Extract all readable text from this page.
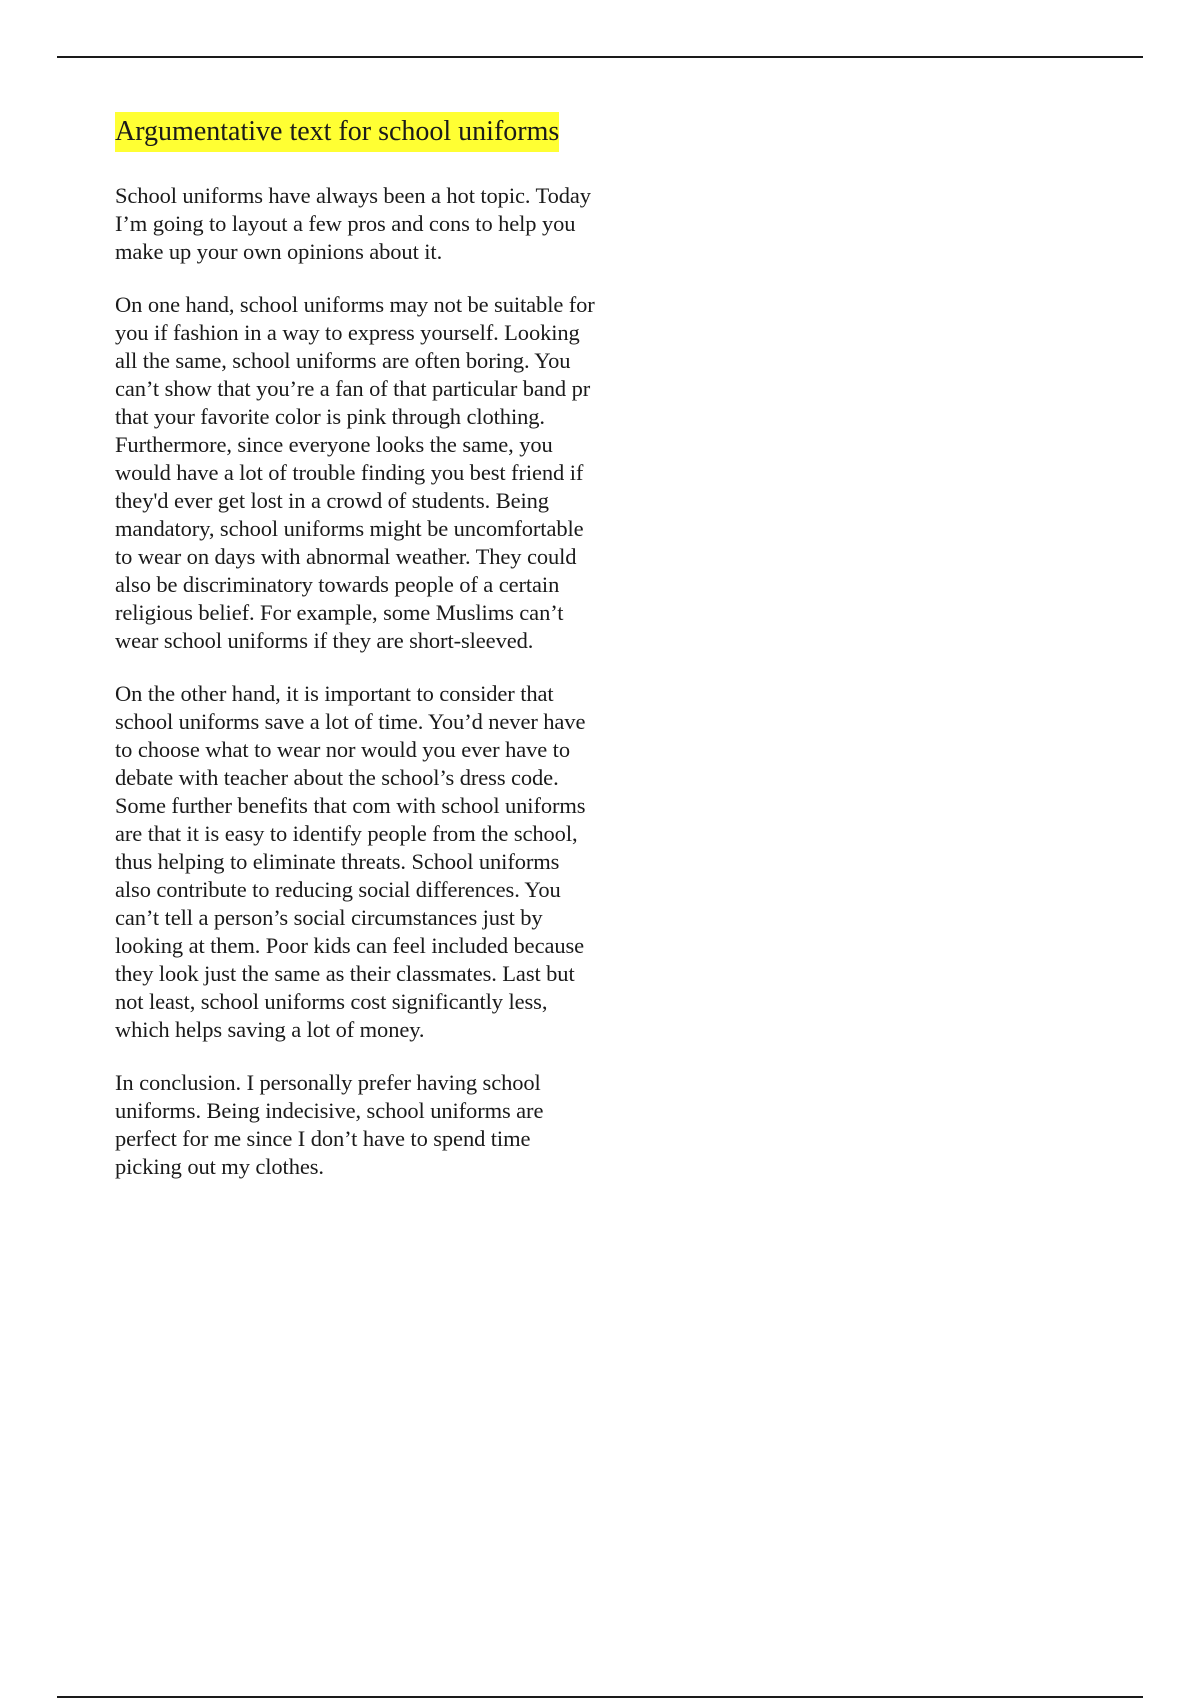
Argumentative text for school uniforms

School uniforms have always been a hot topic. Today
I’m going to layout a few pros and cons to help you
make up your own opinions about it.

On one hand, school uniforms may not be suitable for
you if fashion in a way to express yourself. Looking
all the same, school uniforms are often boring. You
can’t show that you’re a fan of that particular band pr
that your favorite color is pink through clothing.
Furthermore, since everyone looks the same, you
would have a lot of trouble finding you best friend if
they'd ever get lost in a crowd of students. Being
mandatory, school uniforms might be uncomfortable
to wear on days with abnormal weather. They could
also be discriminatory towards people of a certain
religious belief. For example, some Muslims can’t
wear school uniforms if they are short-sleeved.

On the other hand, it is important to consider that
school uniforms save a lot of time. You’d never have
to choose what to wear nor would you ever have to
debate with teacher about the school’s dress code.
Some further benefits that com with school uniforms
are that it is easy to identify people from the school,
thus helping to eliminate threats. School uniforms
also contribute to reducing social differences. You
can’t tell a person’s social circumstances just by
looking at them. Poor kids can feel included because
they look just the same as their classmates. Last but
not least, school uniforms cost significantly less,
which helps saving a lot of money.

In conclusion. I personally prefer having school
uniforms. Being indecisive, school uniforms are
perfect for me since I don’t have to spend time
picking out my clothes.
